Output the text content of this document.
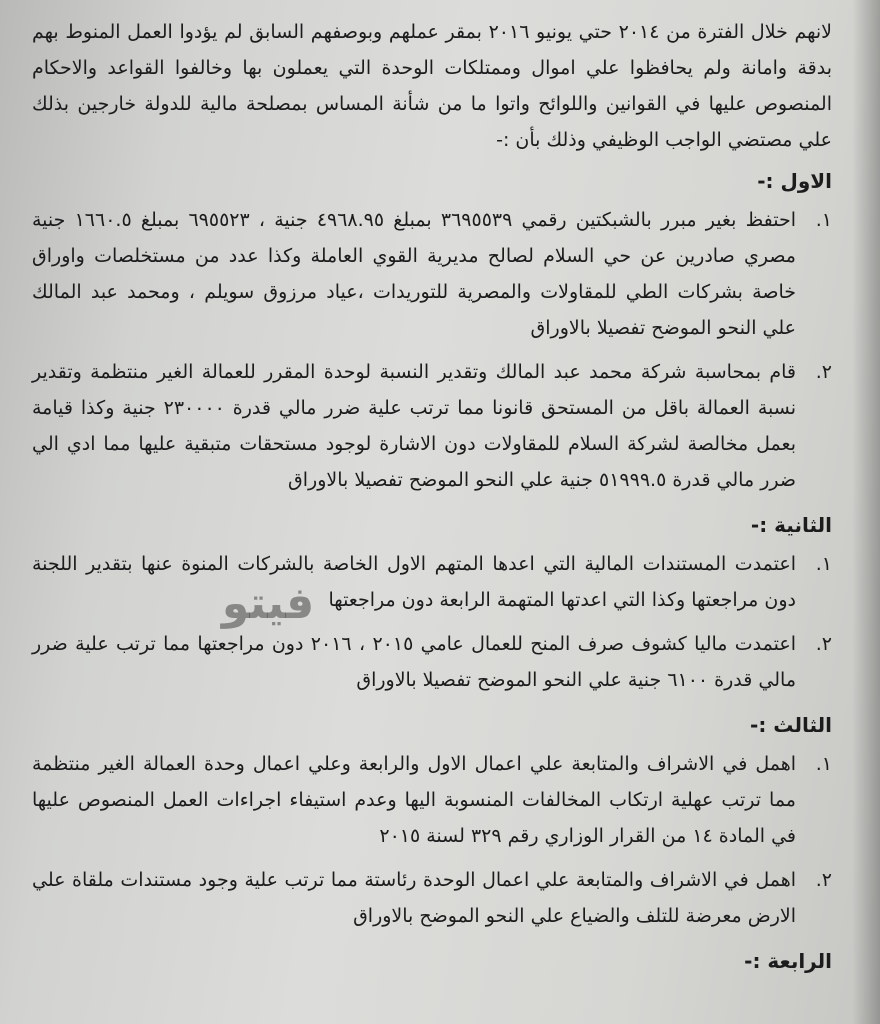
لانهم خلال الفترة من ٢٠١٤ حتي يونيو ٢٠١٦ بمقر عملهم وبوصفهم السابق لم يؤدوا العمل المنوط بهم بدقة وامانة ولم يحافظوا علي اموال وممتلكات الوحدة التي يعملون بها وخالفوا القواعد والاحكام المنصوص عليها في القوانين واللوائح واتوا ما من شأنة المساس بمصلحة مالية للدولة خارجين بذلك علي مصتضي الواجب الوظيفي وذلك بأن :-

الاول :-
١.
احتفظ بغير مبرر بالشبكتين رقمي ٣٦٩٥٥٣٩ بمبلغ ٤٩٦٨.٩٥ جنية ، ٦٩٥٥٢٣ بمبلغ ١٦٦٠.٥ جنية مصري صادرين عن حي السلام لصالح مديرية القوي العاملة وكذا عدد من مستخلصات واوراق خاصة بشركات الطي للمقاولات والمصرية للتوريدات ،عياد مرزوق سويلم ، ومحمد عبد المالك علي النحو الموضح تفصيلا بالاوراق
٢.
قام بمحاسبة شركة محمد عبد المالك وتقدير النسبة لوحدة المقرر للعمالة الغير منتظمة وتقدير نسبة العمالة باقل من المستحق قانونا مما ترتب علية ضرر مالي قدرة ٢٣٠٠٠٠ جنية وكذا قيامة بعمل مخالصة لشركة السلام للمقاولات دون الاشارة لوجود مستحقات متبقية عليها مما ادي الي ضرر مالي قدرة ٥١٩٩٩.٥ جنية علي النحو الموضح تفصيلا بالاوراق
الثانية :-
١.
اعتمدت المستندات المالية التي اعدها المتهم الاول الخاصة بالشركات المنوة عنها بتقدير اللجنة دون مراجعتها وكذا التي اعدتها المتهمة الرابعة دون مراجعتها
٢.
اعتمدت ماليا كشوف صرف المنح للعمال عامي ٢٠١٥ ، ٢٠١٦ دون مراجعتها مما ترتب علية ضرر مالي قدرة ٦١٠٠ جنية علي النحو الموضح تفصيلا بالاوراق
الثالث :-
١.
اهمل في الاشراف والمتابعة علي اعمال الاول والرابعة وعلي اعمال وحدة العمالة الغير منتظمة مما ترتب عهلية ارتكاب المخالفات المنسوبة اليها وعدم استيفاء اجراءات العمل المنصوص عليها في المادة ١٤ من القرار الوزاري رقم ٣٢٩ لسنة ٢٠١٥
٢.
اهمل في الاشراف والمتابعة علي اعمال الوحدة رئاستة مما ترتب علية وجود مستندات ملقاة علي الارض معرضة للتلف والضياع علي النحو الموضح بالاوراق
الرابعة :-
فيتو
